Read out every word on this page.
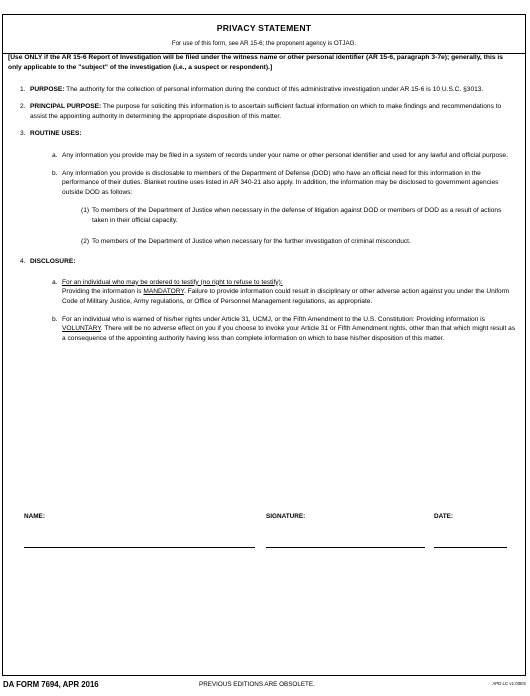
PRIVACY STATEMENT
For use of this form, see AR 15-6; the proponent agency is OTJAG.
[Use ONLY if the AR 15-6 Report of Investigation will be filed under the witness name or other personal identifier (AR 15-6, paragraph 3-7e); generally, this is only applicable to the "subject" of the investigation (i.e., a suspect or respondent).]
1. PURPOSE: The authority for the collection of personal information during the conduct of this administrative investigation under AR 15-6 is 10 U.S.C. §3013.
2. PRINCIPAL PURPOSE: The purpose for soliciting this information is to ascertain sufficient factual information on which to make findings and recommendations to assist the appointing authority in determining the appropriate disposition of this matter.
3. ROUTINE USES:
a. Any information you provide may be filed in a system of records under your name or other personal identifier and used for any lawful and official purpose.
b. Any information you provide is disclosable to members of the Department of Defense (DOD) who have an official need for this information in the performance of their duties. Blanket routine uses listed in AR 340-21 also apply. In addition, the information may be disclosed to government agencies outside DOD as follows:
(1) To members of the Department of Justice when necessary in the defense of litigation against DOD or members of DOD as a result of actions taken in their official capacity.
(2) To members of the Department of Justice when necessary for the further investigation of criminal misconduct.
4. DISCLOSURE:
a. For an individual who may be ordered to testify (no right to refuse to testify):
Providing the information is MANDATORY. Failure to provide information could result in disciplinary or other adverse action against you under the Uniform Code of Military Justice, Army regulations, or Office of Personnel Management regulations, as appropriate.
b. For an individual who is warned of his/her rights under Article 31, UCMJ, or the Fifth Amendment to the U.S. Constitution: Providing information is VOLUNTARY. There will be no adverse effect on you if you choose to invoke your Article 31 or Fifth Amendment rights, other than that which might result as a consequence of the appointing authority having less than complete information on which to base his/her disposition of this matter.
NAME:	SIGNATURE:	DATE:
DA FORM 7694, APR 2016	PREVIOUS EDITIONS ARE OBSOLETE.	APD LC v1.00ES
